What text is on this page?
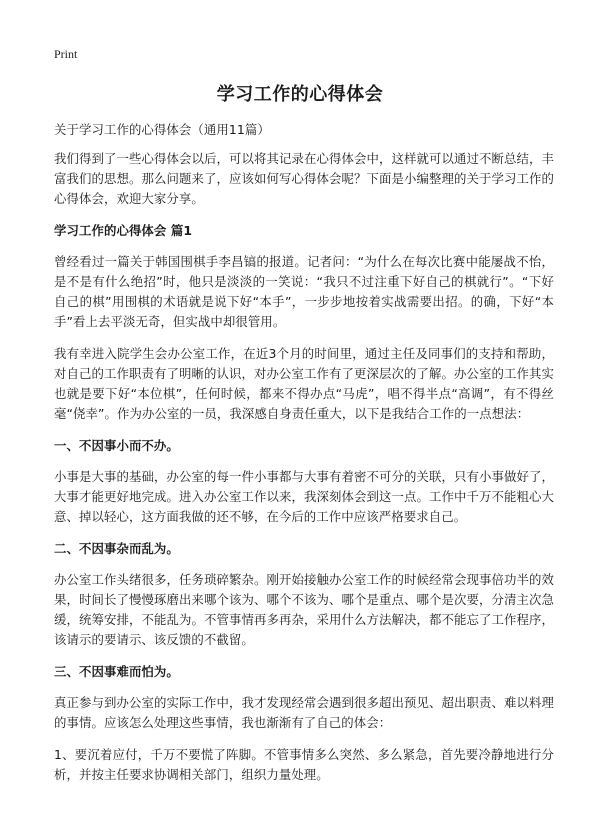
Print

学习工作的心得体会

关于学习工作的心得体会（通用11篇）

我们得到了一些心得体会以后，可以将其记录在心得体会中，这样就可以通过不断总结，丰富我们的思想。那么问题来了，应该如何写心得体会呢？下面是小编整理的关于学习工作的心得体会，欢迎大家分享。

学习工作的心得体会 篇1

曾经看过一篇关于韩国围棋手李昌镐的报道。记者问：“为什么在每次比赛中能屡战不怡，是不是有什么绝招”时，他只是淡淡的一笑说：“我只不过注重下好自己的棋就行”。“下好自己的棋”用围棋的术语就是说下好“本手”，一步步地按着实战需要出招。的确，下好“本手”看上去平淡无奇，但实战中却很管用。

我有幸进入院学生会办公室工作，在近3个月的时间里，通过主任及同事们的支持和帮助，对自己的工作职责有了明晰的认识，对办公室工作有了更深层次的了解。办公室的工作其实也就是要下好“本位棋”，任何时候，都来不得办点“马虎”，唱不得半点“高调”，有不得丝毫“侥幸”。作为办公室的一员，我深感自身责任重大，以下是我结合工作的一点想法：

一、不因事小而不办。

小事是大事的基础，办公室的每一件小事都与大事有着密不可分的关联，只有小事做好了，大事才能更好地完成。进入办公室工作以来，我深刻体会到这一点。工作中千万不能粗心大意、掉以轻心，这方面我做的还不够，在今后的工作中应该严格要求自己。

二、不因事杂而乱为。

办公室工作头绪很多，任务琐碎繁杂。刚开始接触办公室工作的时候经常会现事倍功半的效果，时间长了慢慢琢磨出来哪个该为、哪个不该为、哪个是重点、哪个是次要，分清主次急缓，统筹安排，不能乱为。不管事情再多再杂，采用什么方法解决，都不能忘了工作程序，该请示的要请示、该反馈的不截留。

三、不因事难而怕为。

真正参与到办公室的实际工作中，我才发现经常会遇到很多超出预见、超出职责、难以料理的事情。应该怎么处理这些事情，我也渐渐有了自己的体会：

1、要沉着应付，千万不要慌了阵脚。不管事情多么突然、多么紧急，首先要冷静地进行分析，并按主任要求协调相关部门，组织力量处理。
